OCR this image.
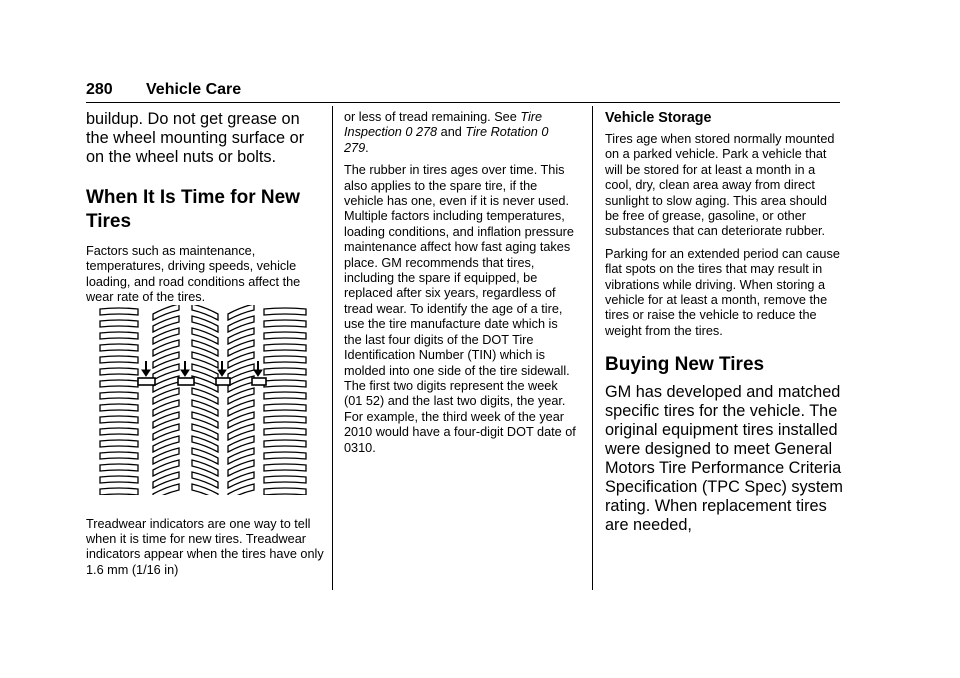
280 Vehicle Care

buildup. Do not get grease on the wheel mounting surface or on the wheel nuts or bolts.

When It Is Time for New Tires

Factors such as maintenance, temperatures, driving speeds, vehicle loading, and road conditions affect the wear rate of the tires.

Treadwear indicators are one way to tell when it is time for new tires. Treadwear indicators appear when the tires have only 1.6 mm (1/16 in)

or less of tread remaining. See Tire Inspection 0 278 and Tire Rotation 0 279.

The rubber in tires ages over time. This also applies to the spare tire, if the vehicle has one, even if it is never used. Multiple factors including temperatures, loading conditions, and inflation pressure maintenance affect how fast aging takes place. GM recommends that tires, including the spare if equipped, be replaced after six years, regardless of tread wear. To identify the age of a tire, use the tire manufacture date which is the last four digits of the DOT Tire Identification Number (TIN) which is molded into one side of the tire sidewall. The first two digits represent the week (01 52) and the last two digits, the year. For example, the third week of the year 2010 would have a four-digit DOT date of 0310.

Vehicle Storage

Tires age when stored normally mounted on a parked vehicle. Park a vehicle that will be stored for at least a month in a cool, dry, clean area away from direct sunlight to slow aging. This area should be free of grease, gasoline, or other substances that can deteriorate rubber.

Parking for an extended period can cause flat spots on the tires that may result in vibrations while driving. When storing a vehicle for at least a month, remove the tires or raise the vehicle to reduce the weight from the tires.

Buying New Tires

GM has developed and matched specific tires for the vehicle. The original equipment tires installed were designed to meet General Motors Tire Performance Criteria Specification (TPC Spec) system rating. When replacement tires are needed,
